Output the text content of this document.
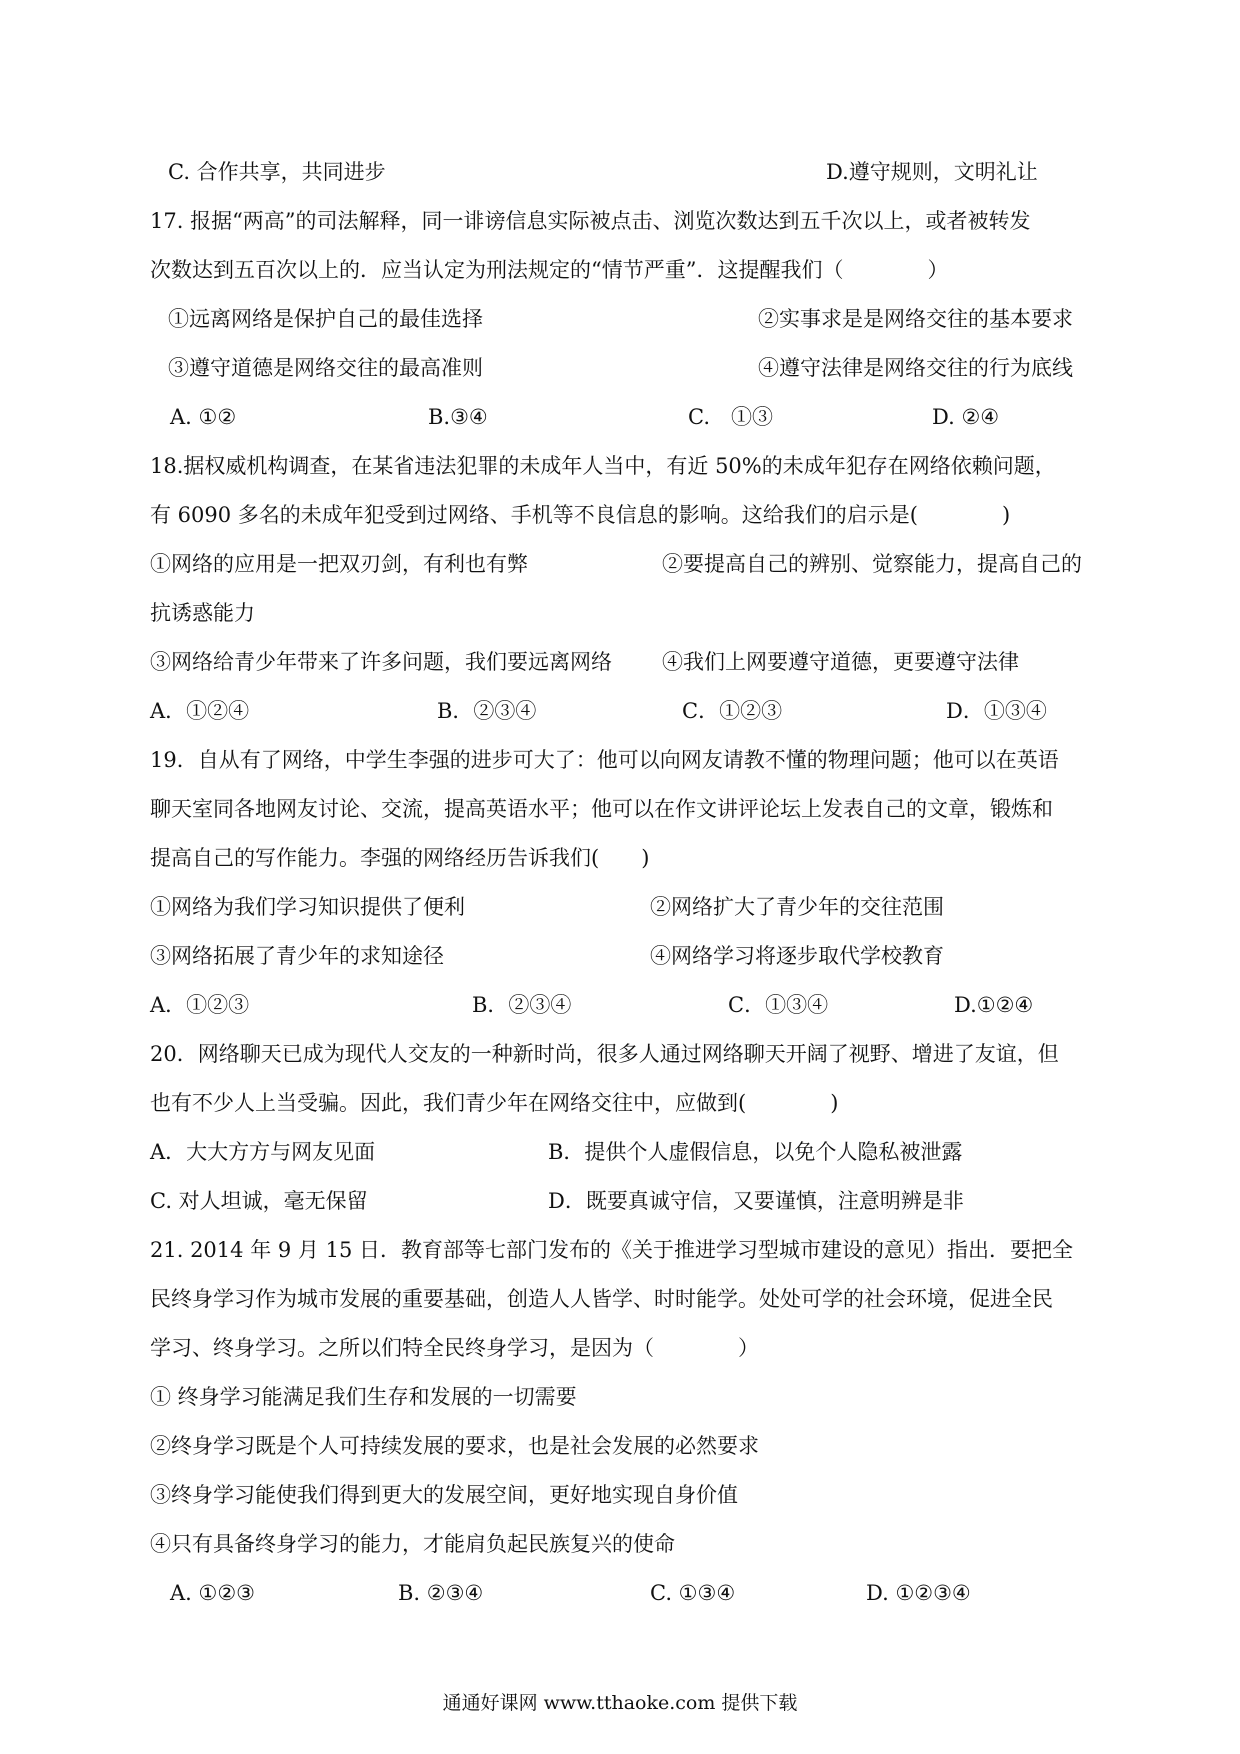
C. 合作共享，共同进步	D.遵守规则，文明礼让
17. 报据“两高”的司法解释，同一诽谤信息实际被点击、浏览次数达到五千次以上，或者被转发
次数达到五百次以上的．应当认定为刑法规定的“情节严重”．这提醒我们（　　　　）
①远离网络是保护自己的最佳选择	②实事求是是网络交往的基本要求
③遵守道德是网络交往的最高准则	④遵守法律是网络交往的行为底线
A. ①②	B.③④	C.　①③	D. ②④
18.据权威机构调查，在某省违法犯罪的未成年人当中，有近 50%的未成年犯存在网络依赖问题，
有 6090 多名的未成年犯受到过网络、手机等不良信息的影响。这给我们的启示是(　　　　)
①网络的应用是一把双刃剑，有利也有弊	②要提高自己的辨别、觉察能力，提高自己的
抗诱惑能力
③网络给青少年带来了许多问题，我们要远离网络 ④我们上网要遵守道德，更要遵守法律
A．①②④	B．②③④	C．①②③	D．①③④
19．自从有了网络，中学生李强的进步可大了：他可以向网友请教不懂的物理问题；他可以在英语
聊天室同各地网友讨论、交流，提高英语水平；他可以在作文讲评论坛上发表自己的文章，锻炼和
提高自己的写作能力。李强的网络经历告诉我们(　　)
①网络为我们学习知识提供了便利	②网络扩大了青少年的交往范围
③网络拓展了青少年的求知途径	④网络学习将逐步取代学校教育
A．①②③	B．②③④	C．①③④	D.①②④
20．网络聊天已成为现代人交友的一种新时尚，很多人通过网络聊天开阔了视野、增进了友谊，但
也有不少人上当受骗。因此，我们青少年在网络交往中，应做到(　　　　)
A．大大方方与网友见面	B．提供个人虚假信息，以免个人隐私被泄露
C. 对人坦诚，毫无保留	D．既要真诚守信，又要谨慎，注意明辨是非
21. 2014 年 9 月 15 日．教育部等七部门发布的《关于推进学习型城市建设的意见）指出．要把全
民终身学习作为城市发展的重要基础，创造人人皆学、时时能学。处处可学的社会环境，促进全民
学习、终身学习。之所以们特全民终身学习，是因为（　　　　）
① 终身学习能满足我们生存和发展的一切需要
②终身学习既是个人可持续发展的要求，也是社会发展的必然要求
③终身学习能使我们得到更大的发展空间，更好地实现自身价值
④只有具备终身学习的能力，才能肩负起民族复兴的使命
A. ①②③	B. ②③④	C. ①③④	D. ①②③④
通通好课网 www.tthaoke.com 提供下载
